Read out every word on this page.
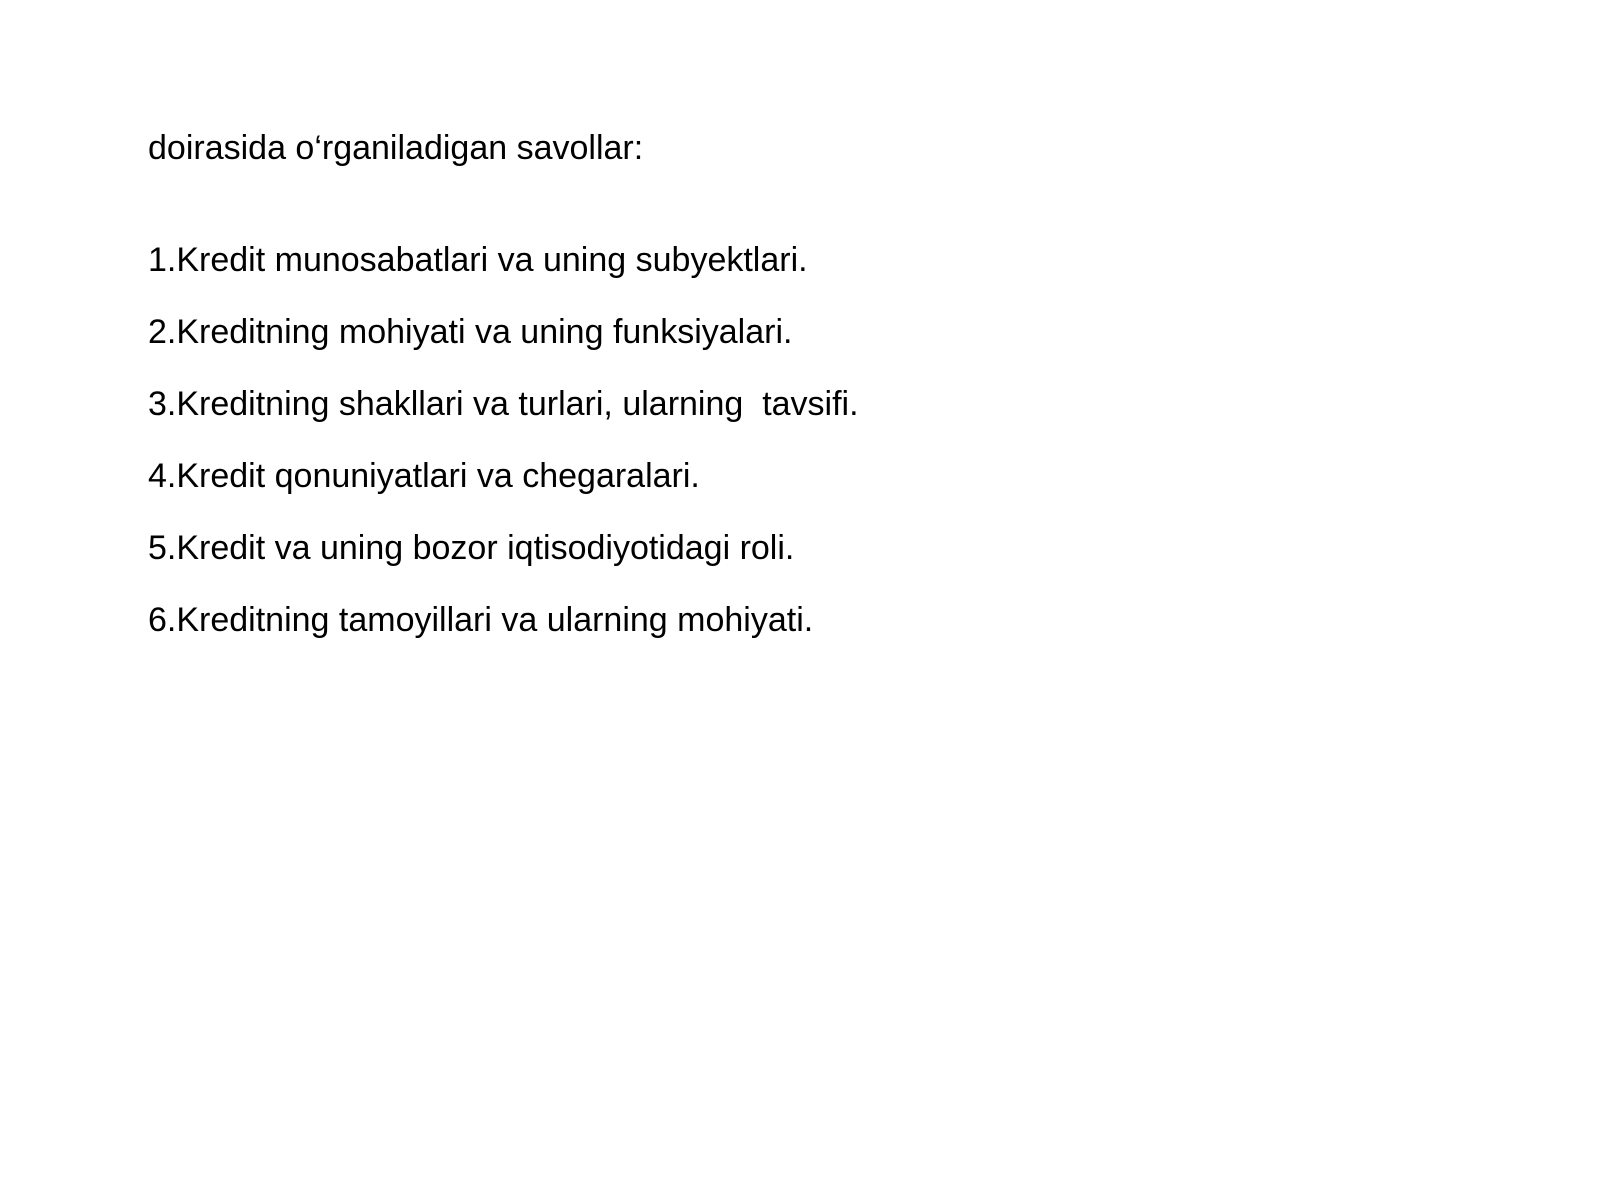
doirasida o‘rganiladigan savollar:
1.Kredit munosabatlari va uning subyektlari.
2.Kreditning mohiyati va uning funksiyalari.
3.Kreditning shakllari va turlari, ularning  tavsifi.
4.Kredit qonuniyatlari va chegaralari.
5.Kredit va uning bozor iqtisodiyotidagi roli.
6.Kreditning tamoyillari va ularning mohiyati.
